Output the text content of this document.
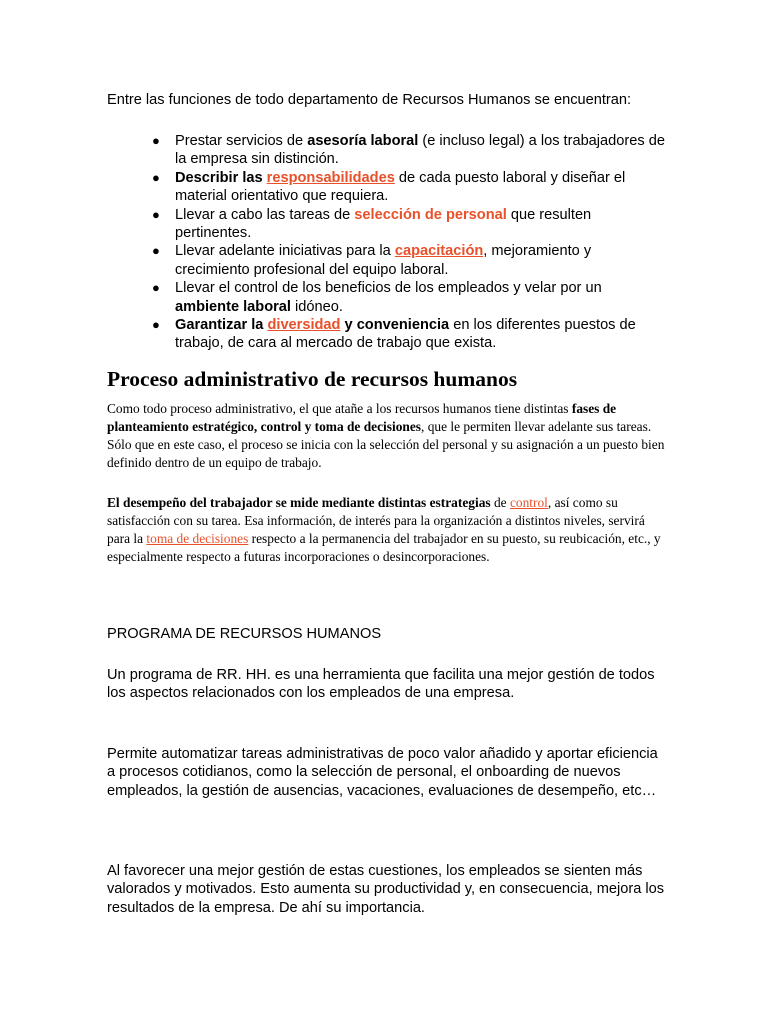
Entre las funciones de todo departamento de Recursos Humanos se encuentran:

● Prestar servicios de asesoría laboral (e incluso legal) a los trabajadores de la empresa sin distinción.
● Describir las responsabilidades de cada puesto laboral y diseñar el material orientativo que requiera.
● Llevar a cabo las tareas de selección de personal que resulten pertinentes.
● Llevar adelante iniciativas para la capacitación, mejoramiento y crecimiento profesional del equipo laboral.
● Llevar el control de los beneficios de los empleados y velar por un ambiente laboral idóneo.
● Garantizar la diversidad y conveniencia en los diferentes puestos de trabajo, de cara al mercado de trabajo que exista.
Proceso administrativo de recursos humanos

Como todo proceso administrativo, el que atañe a los recursos humanos tiene distintas fases de planteamiento estratégico, control y toma de decisiones, que le permiten llevar adelante sus tareas. Sólo que en este caso, el proceso se inicia con la selección del personal y su asignación a un puesto bien definido dentro de un equipo de trabajo.

El desempeño del trabajador se mide mediante distintas estrategias de control, así como su satisfacción con su tarea. Esa información, de interés para la organización a distintos niveles, servirá para la toma de decisiones respecto a la permanencia del trabajador en su puesto, su reubicación, etc., y especialmente respecto a futuras incorporaciones o desincorporaciones.

PROGRAMA DE RECURSOS HUMANOS

Un programa de RR. HH. es una herramienta que facilita una mejor gestión de todos los aspectos relacionados con los empleados de una empresa.

Permite automatizar tareas administrativas de poco valor añadido y aportar eficiencia a procesos cotidianos, como la selección de personal, el onboarding de nuevos empleados, la gestión de ausencias, vacaciones, evaluaciones de desempeño, etc…

Al favorecer una mejor gestión de estas cuestiones, los empleados se sienten más valorados y motivados. Esto aumenta su productividad y, en consecuencia, mejora los resultados de la empresa. De ahí su importancia.
